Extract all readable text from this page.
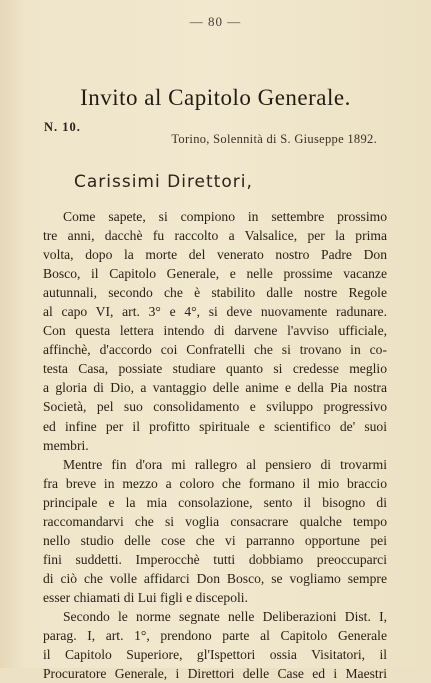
— 80 —
Invito al Capitolo Generale.
N. 10.
Torino, Solennità di S. Giuseppe 1892.
Carissimi Direttori,

Come sapete, si compiono in settembre prossimo
tre anni, dacchè fu raccolto a Valsalice, per la prima
volta, dopo la morte del venerato nostro Padre Don
Bosco, il Capitolo Generale, e nelle prossime vacanze
autunnali, secondo che è stabilito dalle nostre Regole
al capo VI, art. 3° e 4°, si deve nuovamente radunare.
Con questa lettera intendo di darvene l'avviso ufficiale,
affinchè, d'accordo coi Confratelli che si trovano in co-
testa Casa, possiate studiare quanto si credesse meglio
a gloria di Dio, a vantaggio delle anime e della Pia nostra
Società, pel suo consolidamento e sviluppo progressivo
ed infine per il profitto spirituale e scientifico de' suoi
membri.

Mentre fin d'ora mi rallegro al pensiero di trovarmi
fra breve in mezzo a coloro che formano il mio braccio
principale e la mia consolazione, sento il bisogno di
raccomandarvi che si voglia consacrare qualche tempo
nello studio delle cose che vi parranno opportune pei
fini suddetti. Imperocchè tutti dobbiamo preoccuparci
di ciò che volle affidarci Don Bosco, se vogliamo sempre
esser chiamati di Lui figli e discepoli.

Secondo le norme segnate nelle Deliberazioni Dist. I,
parag. I, art. 1°, prendono parte al Capitolo Generale
il Capitolo Superiore, gl'Ispettori ossia Visitatori, il
Procuratore Generale, i Direttori delle Case ed i Maestri
